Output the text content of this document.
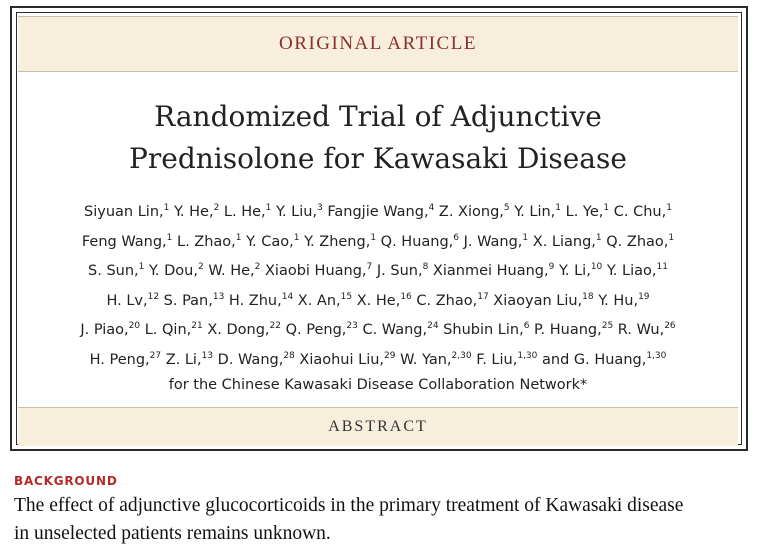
ORIGINAL ARTICLE
Randomized Trial of Adjunctive
Prednisolone for Kawasaki Disease
Siyuan Lin,$^1$ Y. He,$^2$ L. He,$^1$ Y. Liu,$^3$ Fangjie Wang,$^4$ Z. Xiong,$^5$ Y. Lin,$^1$ L. Ye,$^1$ C. Chu,$^1$
Feng Wang,$^1$ L. Zhao,$^1$ Y. Cao,$^1$ Y. Zheng,$^1$ Q. Huang,$^6$ J. Wang,$^1$ X. Liang,$^1$ Q. Zhao,$^1$
S. Sun,$^1$ Y. Dou,$^2$ W. He,$^2$ Xiaobi Huang,$^7$ J. Sun,$^8$ Xianmei Huang,$^9$ Y. Li,$^{10}$ Y. Liao,$^{11}$
H. Lv,$^{12}$ S. Pan,$^{13}$ H. Zhu,$^{14}$ X. An,$^{15}$ X. He,$^{16}$ C. Zhao,$^{17}$ Xiaoyan Liu,$^{18}$ Y. Hu,$^{19}$
J. Piao,$^{20}$ L. Qin,$^{21}$ X. Dong,$^{22}$ Q. Peng,$^{23}$ C. Wang,$^{24}$ Shubin Lin,$^6$ P. Huang,$^{25}$ R. Wu,$^{26}$
H. Peng,$^{27}$ Z. Li,$^{13}$ D. Wang,$^{28}$ Xiaohui Liu,$^{29}$ W. Yan,$^{2,30}$ F. Liu,$^{1,30}$ and G. Huang,$^{1,30}$
for the Chinese Kawasaki Disease Collaboration Network*
ABSTRACT
BACKGROUND
The effect of adjunctive glucocorticoids in the primary treatment of Kawasaki disease
in unselected patients remains unknown.
